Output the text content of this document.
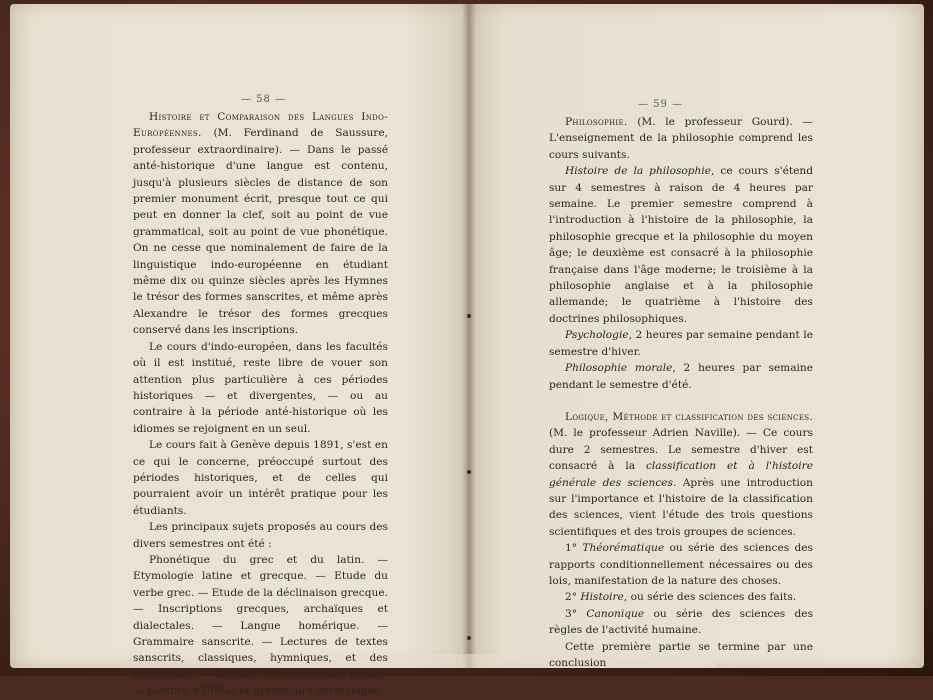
— 58 —

Histoire et Comparaison des Langues Indo-Européennes. (M. Ferdinand de Saussure, professeur extraordinaire). — Dans le passé anté-historique d'une langue est contenu, jusqu'à plusieurs siècles de distance de son premier monument écrit, presque tout ce qui peut en donner la clef, soit au point de vue grammatical, soit au point de vue phonétique. On ne cesse que nominalement de faire de la linguistique indo-européenne en étudiant même dix ou quinze siècles après les Hymnes le trésor des formes sanscrites, et même après Alexandre le trésor des formes grecques conservé dans les inscriptions.

Le cours d'indo-européen, dans les facultés où il est institué, reste libre de vouer son attention plus particulière à ces périodes historiques — et divergentes, — ou au contraire à la période anté-historique où les idiomes se rejoignent en un seul.

Le cours fait à Genève depuis 1891, s'est en ce qui le concerne, préoccupé surtout des périodes historiques, et de celles qui pourraient avoir un intérêt pratique pour les étudiants.

Les principaux sujets proposés au cours des divers semestres ont été :

Phonétique du grec et du latin. — Etymologie latine et grecque. — Etude du verbe grec. — Etude de la déclinaison grecque. — Inscriptions grecques, archaïques et dialectales. — Langue homérique. — Grammaire sanscrite. — Lectures de textes sanscrits, classiques, hymniques, et des Brâhmanas. — Lecture des inscriptions perses. — Lecture d'Ulfilas et grammaire germanique.

— 59 —

Philosophie. (M. le professeur Gourd). — L'enseignement de la philosophie comprend les cours suivants.

Histoire de la philosophie, ce cours s'étend sur 4 semestres à raison de 4 heures par semaine. Le premier semestre comprend à l'introduction à l'histoire de la philosophie, la philosophie grecque et la philosophie du moyen âge; le deuxième est consacré à la philosophie française dans l'âge moderne; le troisième à la philosophie anglaise et à la philosophie allemande; le quatrième à l'histoire des doctrines philosophiques.

Psychologie, 2 heures par semaine pendant le semestre d'hiver.

Philosophie morale, 2 heures par semaine pendant le semestre d'été.

Logique, Méthode et classification des sciences. (M. le professeur Adrien Naville). — Ce cours dure 2 semestres. Le semestre d'hiver est consacré à la classification et à l'histoire générale des sciences. Après une introduction sur l'importance et l'histoire de la classification des sciences, vient l'étude des trois questions scientifiques et des trois groupes de sciences.

1° Théorématique ou série des sciences des rapports conditionnellement nécessaires ou des lois, manifestation de la nature des choses.

2° Histoire, ou série des sciences des faits.

3° Canonique ou série des sciences des règles de l'activité humaine.

Cette première partie se termine par une conclusion
